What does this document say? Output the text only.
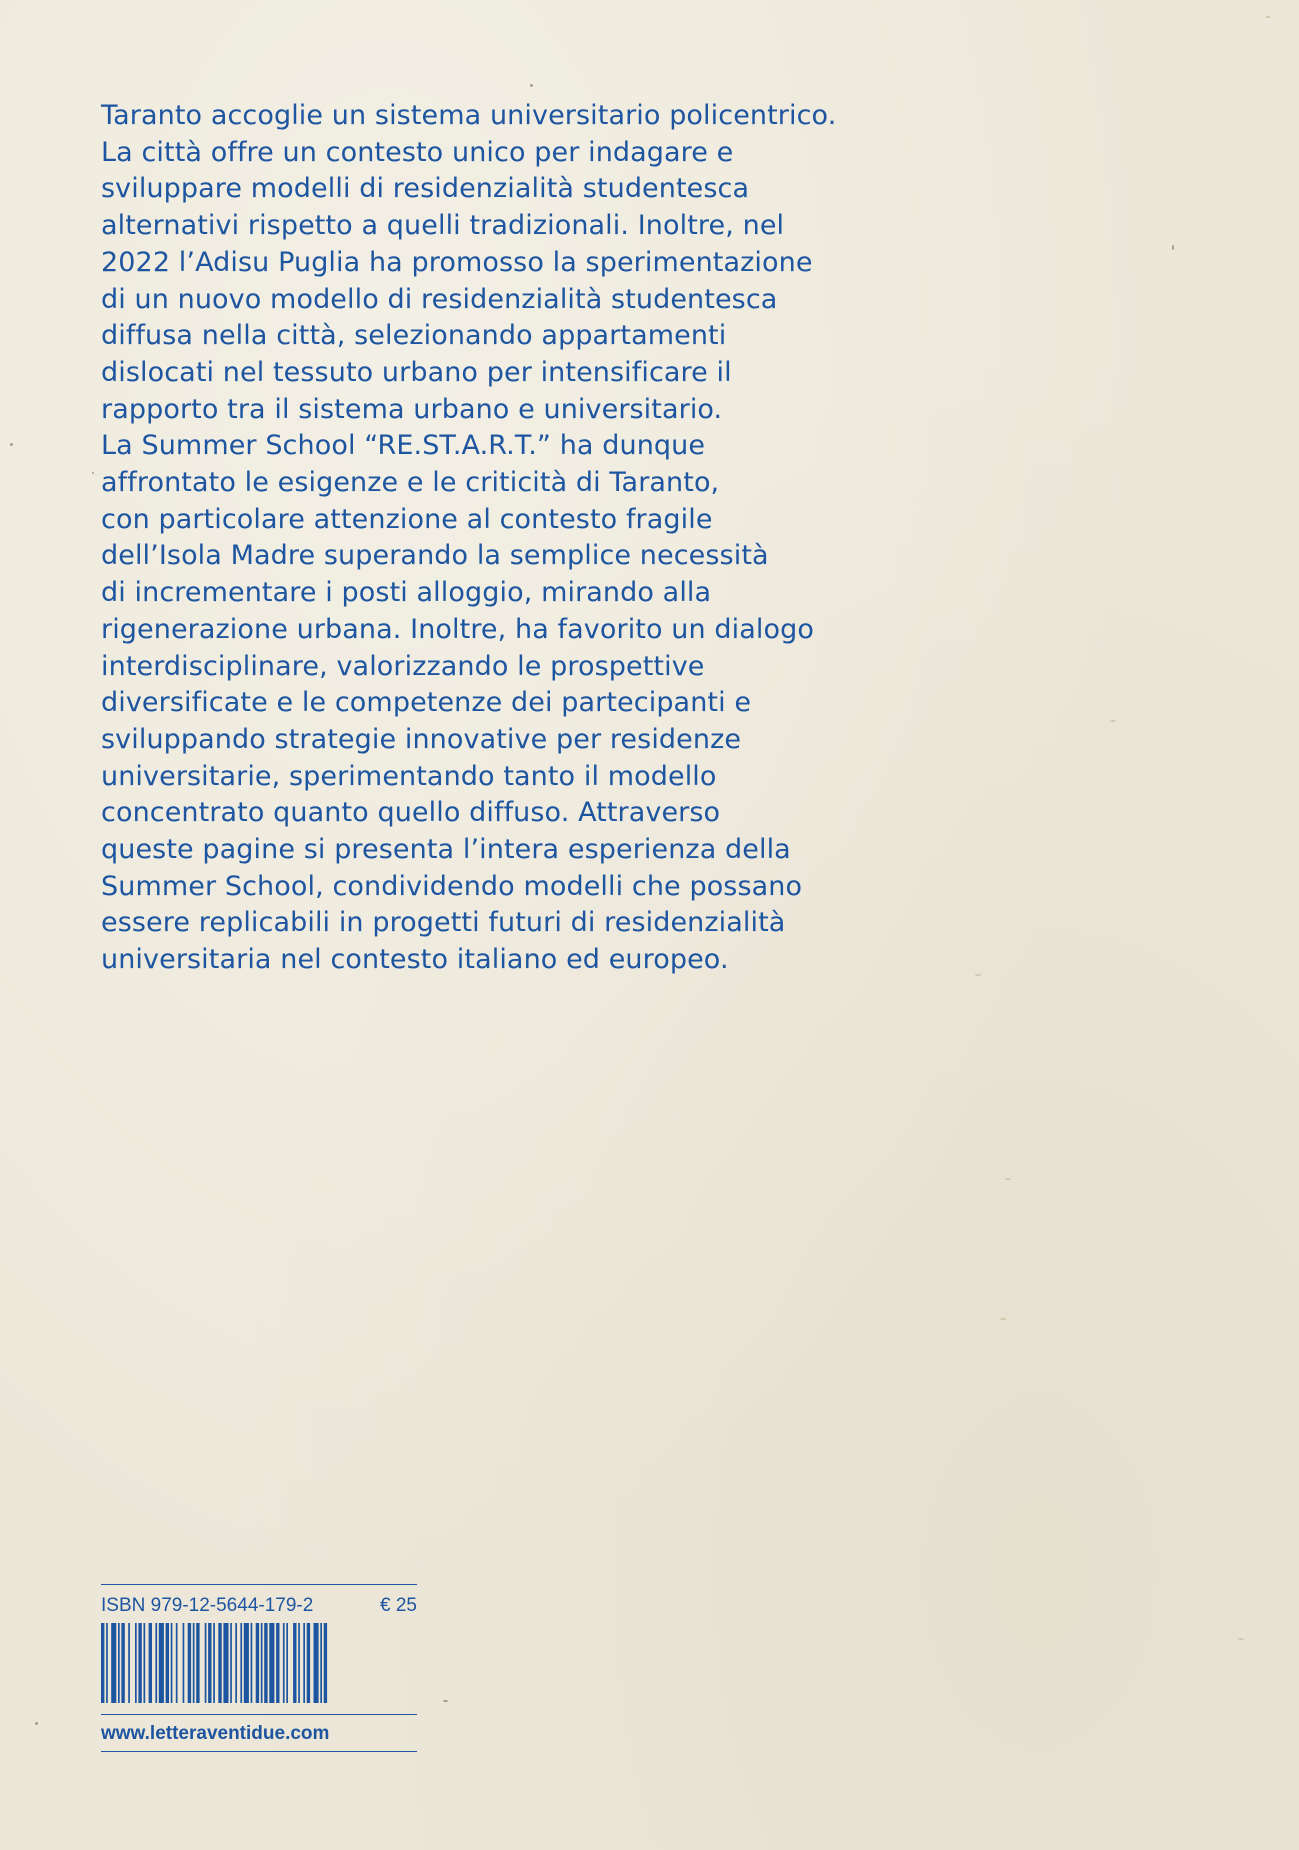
Taranto accoglie un sistema universitario policentrico.
La città offre un contesto unico per indagare e
sviluppare modelli di residenzialità studentesca
alternativi rispetto a quelli tradizionali. Inoltre, nel
2022 l’Adisu Puglia ha promosso la sperimentazione
di un nuovo modello di residenzialità studentesca
diffusa nella città, selezionando appartamenti
dislocati nel tessuto urbano per intensificare il
rapporto tra il sistema urbano e universitario.
La Summer School “RE.ST.A.R.T.” ha dunque
affrontato le esigenze e le criticità di Taranto,
con particolare attenzione al contesto fragile
dell’Isola Madre superando la semplice necessità
di incrementare i posti alloggio, mirando alla
rigenerazione urbana. Inoltre, ha favorito un dialogo
interdisciplinare, valorizzando le prospettive
diversificate e le competenze dei partecipanti e
sviluppando strategie innovative per residenze
universitarie, sperimentando tanto il modello
concentrato quanto quello diffuso. Attraverso
queste pagine si presenta l’intera esperienza della
Summer School, condividendo modelli che possano
essere replicabili in progetti futuri di residenzialità
universitaria nel contesto italiano ed europeo.
ISBN 979-12-5644-179-2	€ 25
www.letteraventidue.com
